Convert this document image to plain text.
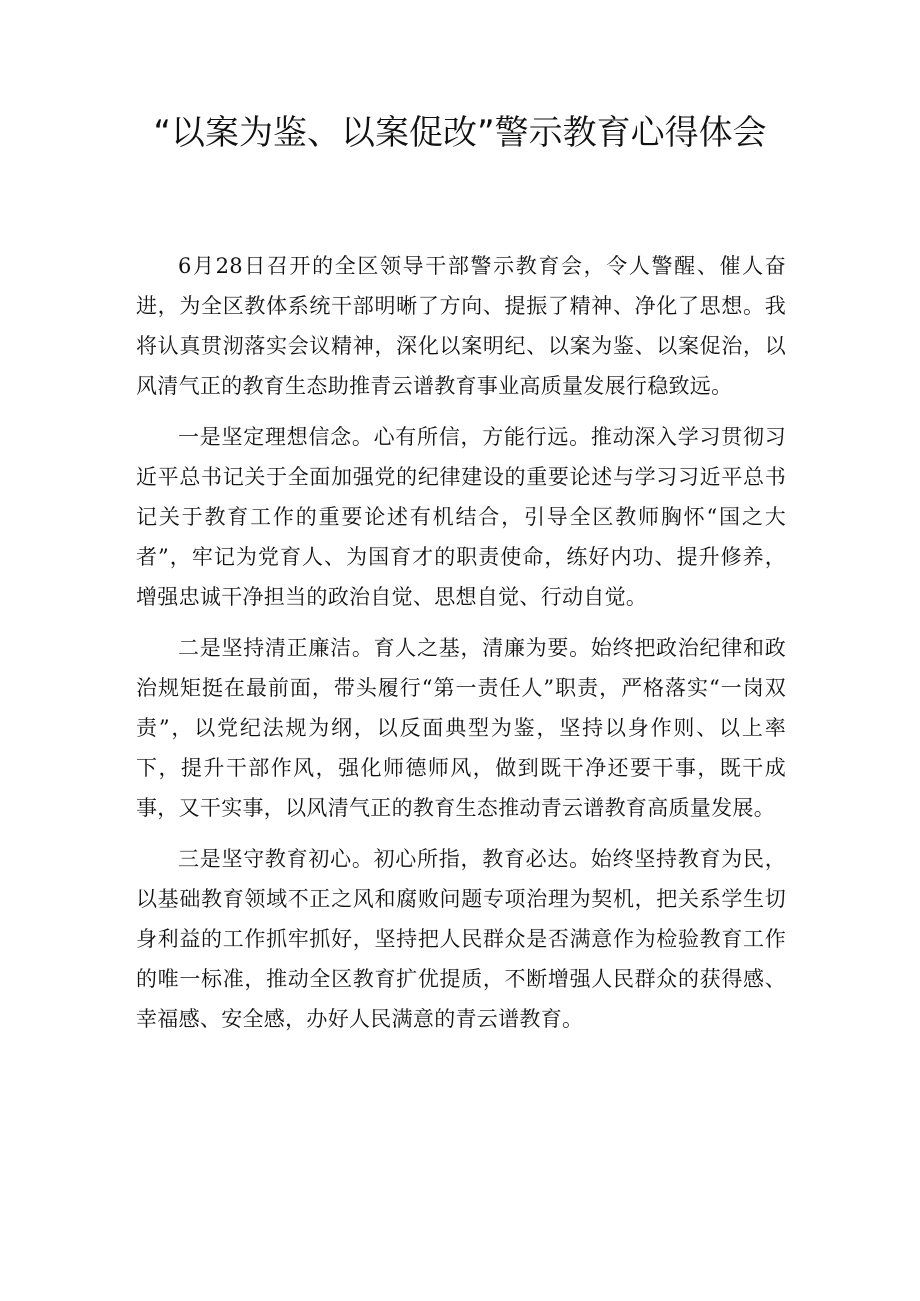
“以案为鉴、以案促改”警示教育心得体会

6月28日召开的全区领导干部警示教育会，令人警醒、催人奋进，为全区教体系统干部明晰了方向、提振了精神、净化了思想。我将认真贯沏落实会议精神，深化以案明纪、以案为鉴、以案促治，以风清气正的教育生态助推青云谱教育事业高质量发展行稳致远。

一是坚定理想信念。心有所信，方能行远。推动深入学习贯彻习近平总书记关于全面加强党的纪律建设的重要论述与学习习近平总书记关于教育工作的重要论述有机结合，引导全区教师胸怀“国之大者”，牢记为党育人、为国育才的职责使命，练好内功、提升修养，增强忠诚干净担当的政治自觉、思想自觉、行动自觉。

二是坚持清正廉洁。育人之基，清廉为要。始终把政治纪律和政治规矩挺在最前面，带头履行“第一责任人”职责，严格落实“一岗双责”，以党纪法规为纲，以反面典型为鉴，坚持以身作则、以上率下，提升干部作风，强化师德师风，做到既干净还要干事，既干成事，又干实事，以风清气正的教育生态推动青云谱教育高质量发展。

三是坚守教育初心。初心所指，教育必达。始终坚持教育为民，以基础教育领域不正之风和腐败问题专项治理为契机，把关系学生切身利益的工作抓牢抓好，坚持把人民群众是否满意作为检验教育工作的唯一标准，推动全区教育扩优提质，不断增强人民群众的获得感、幸福感、安全感，办好人民满意的青云谱教育。
